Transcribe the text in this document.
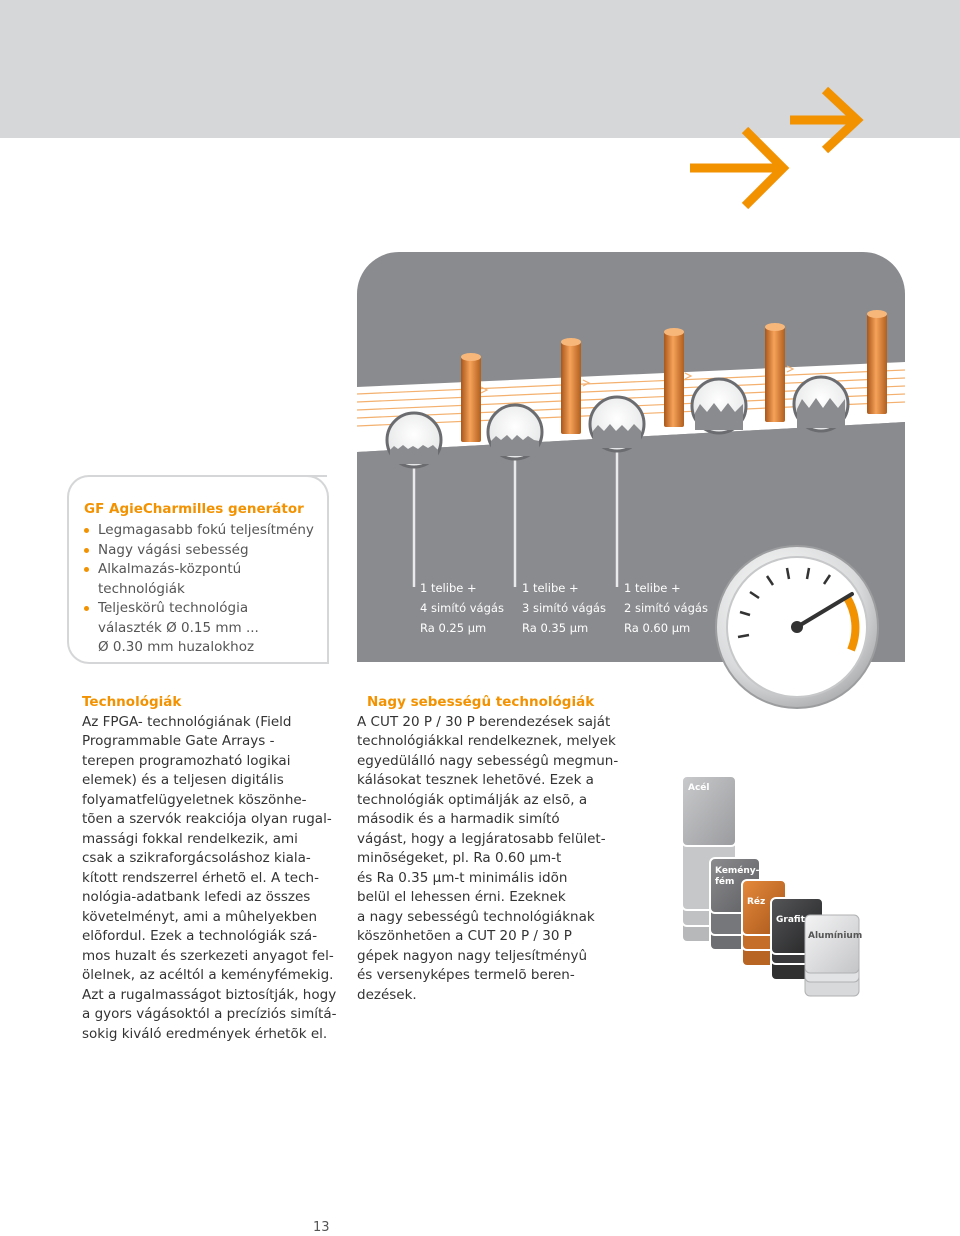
1 telibe +
4 simító vágás
Ra 0.25 µm
1 telibe +
3 simító vágás
Ra 0.35 µm
1 telibe +
2 simító vágás
Ra 0.60 µm
GF AgieCharmilles generátor
Legmagasabb fokú teljesítmény
Nagy vágási sebesség
Alkalmazás-központú
technológiák
Teljeskörû technológia
választék Ø 0.15 mm ...
Ø 0.30 mm huzalokhoz
Technológiák
Az FPGA- technológiának (Field
Programmable Gate Arrays -
terepen programozható logikai
elemek) és a teljesen digitális
folyamatfelügyeletnek köszönhe-
tõen a szervók reakciója olyan rugal-
massági fokkal rendelkezik, ami
csak a szikraforgácsoláshoz kiala-
kított rendszerrel érhetõ el. A tech-
nológia-adatbank lefedi az összes
követelményt, ami a mûhelyekben
elõfordul. Ezek a technológiák szá-
mos huzalt és szerkezeti anyagot fel-
ölelnek, az acéltól a keményfémekig.
Azt a rugalmasságot biztosítják, hogy
a gyors vágásoktól a precíziós simítá-
sokig kiváló eredmények érhetõk el.
Nagy sebességû technológiák
A CUT 20 P / 30 P berendezések saját
technológiákkal rendelkeznek, melyek
egyedülálló nagy sebességû megmun-
kálásokat tesznek lehetõvé. Ezek a
technológiák optimálják az elsõ, a
második és a harmadik simító
vágást, hogy a legjáratosabb felület-
minõségeket, pl. Ra 0.60 µm-t
és Ra 0.35 µm-t minimális idõn
belül el lehessen érni. Ezeknek
a nagy sebességû technológiáknak
köszönhetõen a CUT 20 P / 30 P
gépek nagyon nagy teljesítményû
és versenyképes termelõ beren-
dezések.
Acél
Kemény-
fém
Réz
Grafit
Alumínium
13
